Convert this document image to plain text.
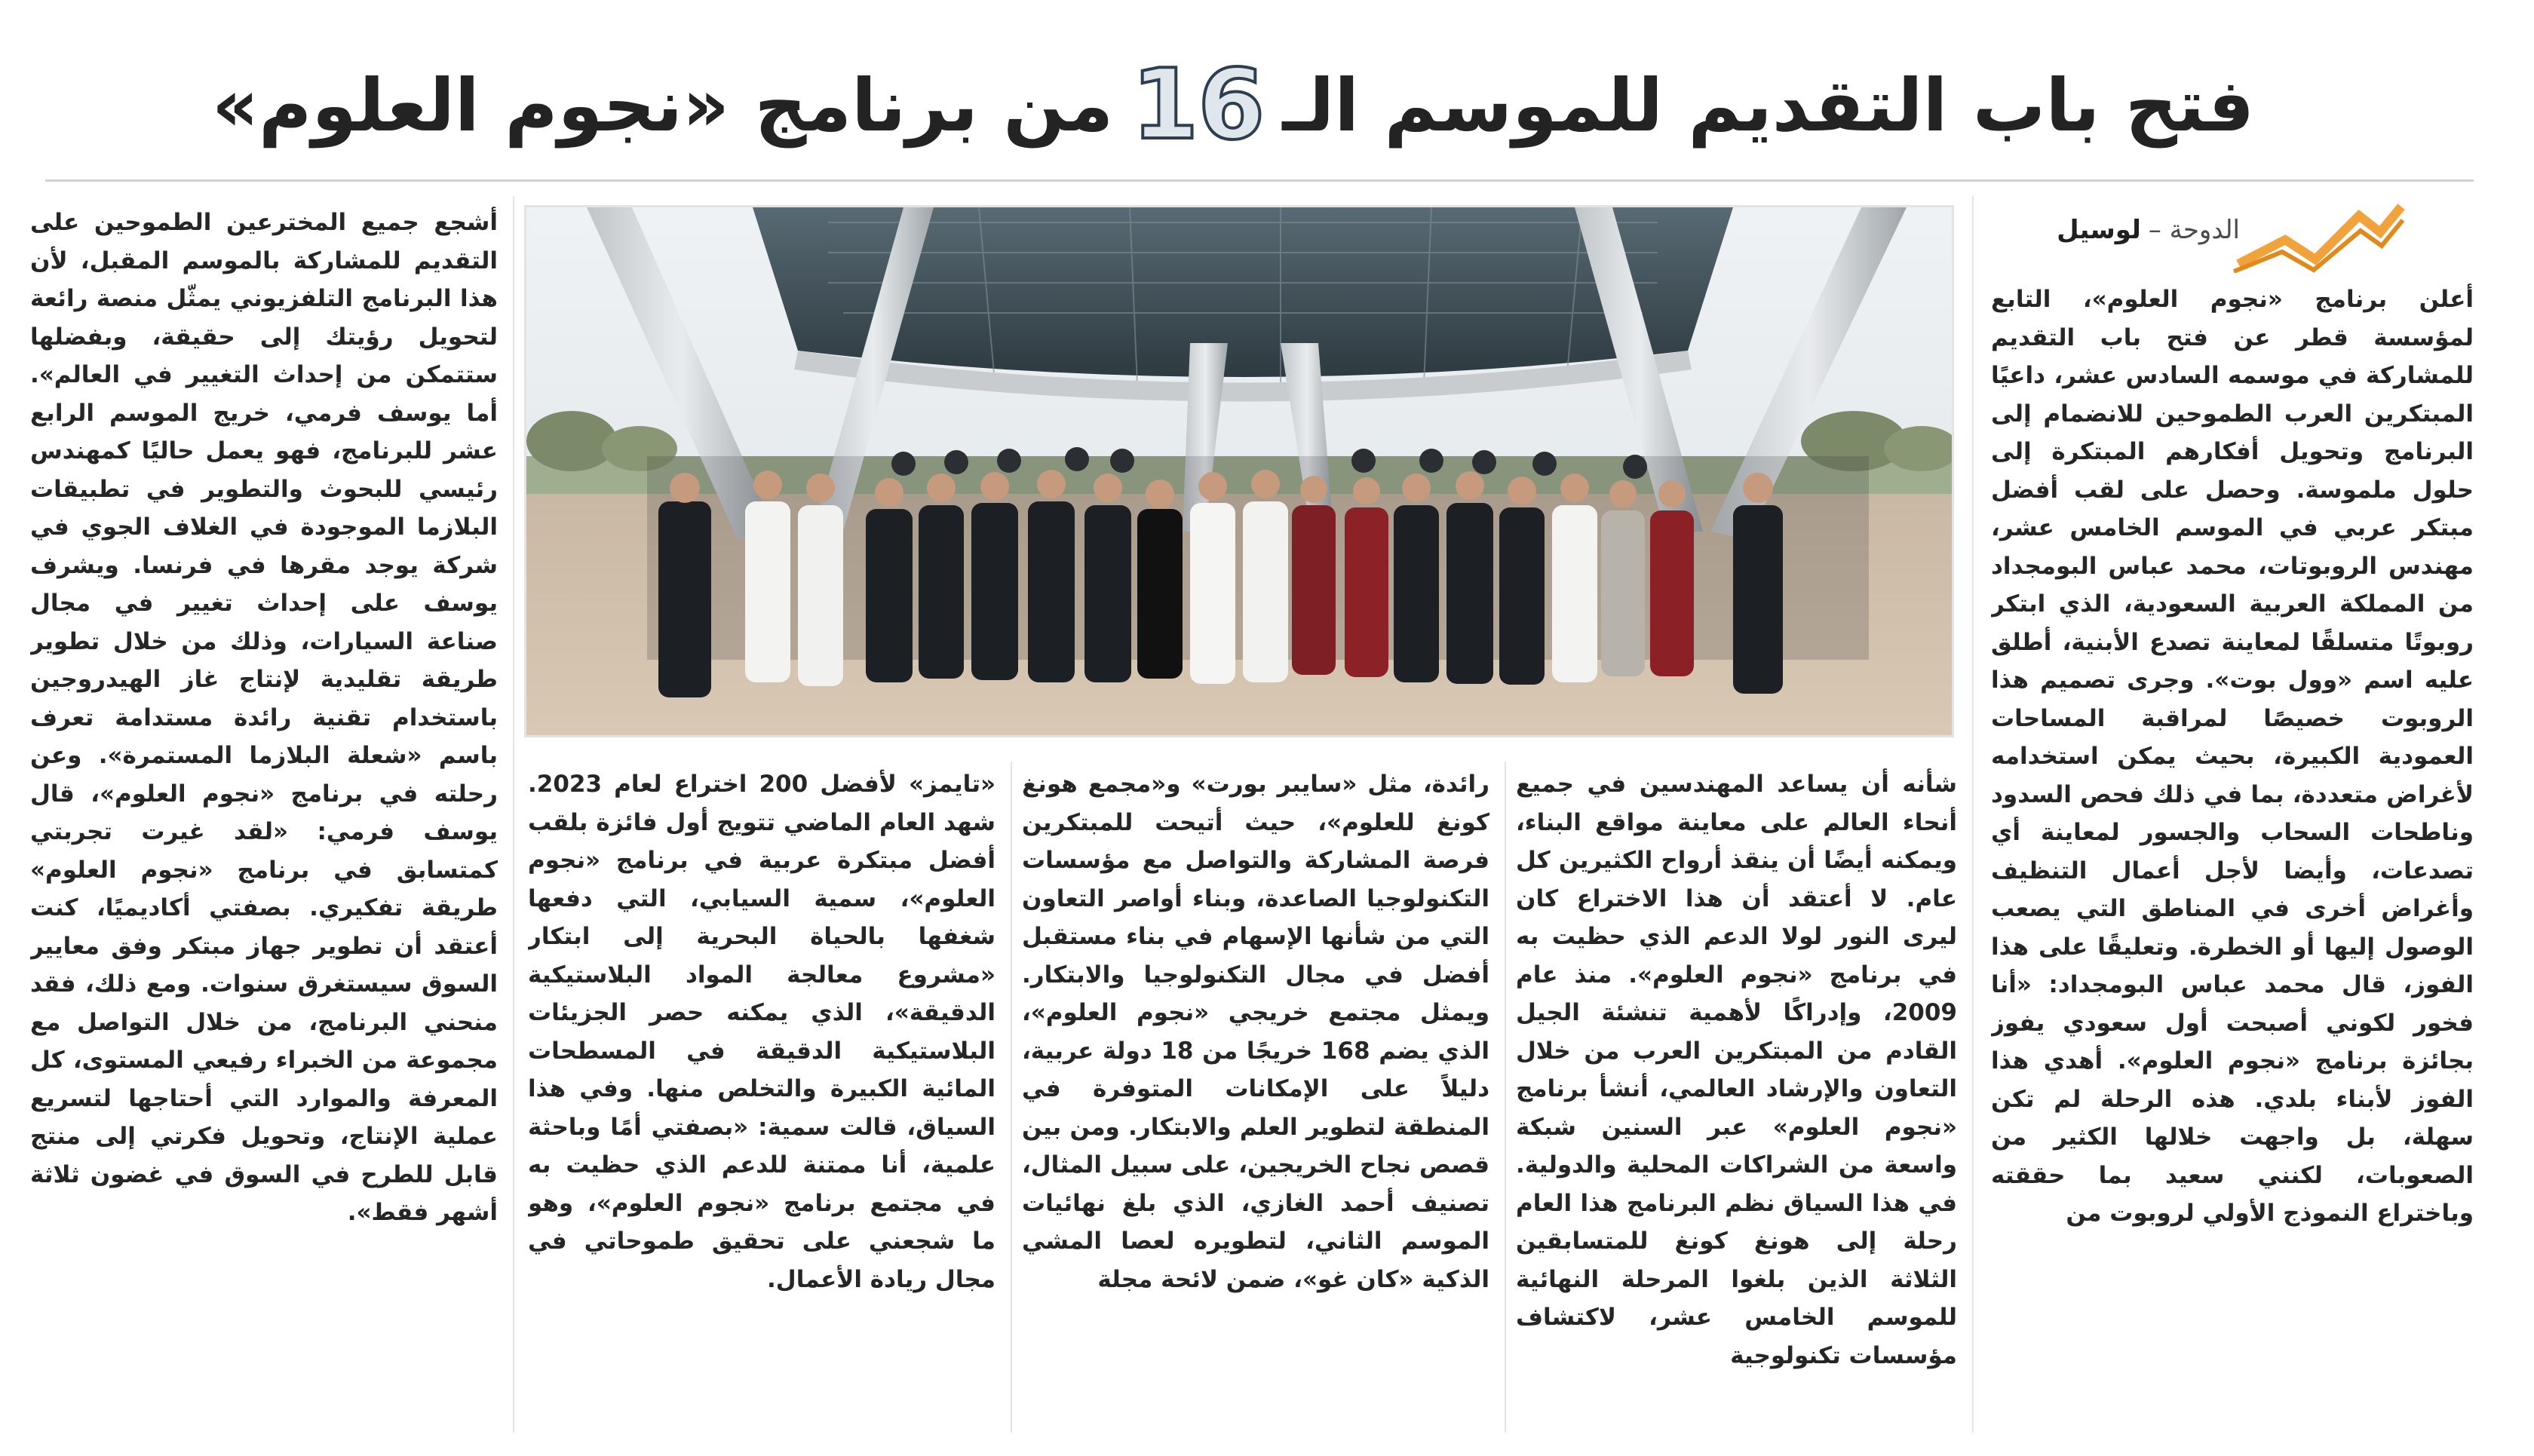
فتح باب التقديم للموسم الـ
16
من برنامج «نجوم العلوم»
الدوحة –لوسيل

أعلن برنامج «نجوم العلوم»، التابع لمؤسسة قطر عن فتح باب التقديم للمشاركة في موسمه السادس عشر، داعيًا المبتكرين العرب الطموحين للانضمام إلى البرنامج وتحويل أفكارهم المبتكرة إلى حلول ملموسة. وحصل على لقب أفضل مبتكر عربي في الموسم الخامس عشر، مهندس الروبوتات، محمد عباس البومجداد من المملكة العربية السعودية، الذي ابتكر روبوتًا متسلقًا لمعاينة تصدع الأبنية، أطلق عليه اسم «وول بوت». وجرى تصميم هذا الروبوت خصيصًا لمراقبة المساحات العمودية الكبيرة، بحيث يمكن استخدامه لأغراض متعددة، بما في ذلك فحص السدود وناطحات السحاب والجسور لمعاينة أي تصدعات، وأيضا لأجل أعمال التنظيف وأغراض أخرى في المناطق التي يصعب الوصول إليها أو الخطرة. وتعليقًا على هذا الفوز، قال محمد عباس البومجداد: «أنا فخور لكوني أصبحت أول سعودي يفوز بجائزة برنامج «نجوم العلوم». أهدي هذا الفوز لأبناء بلدي. هذه الرحلة لم تكن سهلة، بل واجهت خلالها الكثير من الصعوبات، لكنني سعيد بما حققته وباختراع النموذج الأولي لروبوت من

شأنه أن يساعد المهندسين في جميع أنحاء العالم على معاينة مواقع البناء، ويمكنه أيضًا أن ينقذ أرواح الكثيرين كل عام. لا أعتقد أن هذا الاختراع كان ليرى النور لولا الدعم الذي حظيت به في برنامج «نجوم العلوم». منذ عام 2009، وإدراكًا لأهمية تنشئة الجيل القادم من المبتكرين العرب من خلال التعاون والإرشاد العالمي، أنشأ برنامج «نجوم العلوم» عبر السنين شبكة واسعة من الشراكات المحلية والدولية. في هذا السياق نظم البرنامج هذا العام رحلة إلى هونغ كونغ للمتسابقين الثلاثة الذين بلغوا المرحلة النهائية للموسم الخامس عشر، لاكتشاف مؤسسات تكنولوجية

رائدة، مثل «سايبر بورت» و«مجمع هونغ كونغ للعلوم»، حيث أتيحت للمبتكرين فرصة المشاركة والتواصل مع مؤسسات التكنولوجيا الصاعدة، وبناء أواصر التعاون التي من شأنها الإسهام في بناء مستقبل أفضل في مجال التكنولوجيا والابتكار. ويمثل مجتمع خريجي «نجوم العلوم»، الذي يضم 168 خريجًا من 18 دولة عربية، دليلاً على الإمكانات المتوفرة في المنطقة لتطوير العلم والابتكار. ومن بين قصص نجاح الخريجين، على سبيل المثال، تصنيف أحمد الغازي، الذي بلغ نهائيات الموسم الثاني، لتطويره لعصا المشي الذكية «كان غو»، ضمن لائحة مجلة

«تايمز» لأفضل 200 اختراع لعام 2023. شهد العام الماضي تتويج أول فائزة بلقب أفضل مبتكرة عربية في برنامج «نجوم العلوم»، سمية السيابي، التي دفعها شغفها بالحياة البحرية إلى ابتكار «مشروع معالجة المواد البلاستيكية الدقيقة»، الذي يمكنه حصر الجزيئات البلاستيكية الدقيقة في المسطحات المائية الكبيرة والتخلص منها. وفي هذا السياق، قالت سمية: «بصفتي أمًا وباحثة علمية، أنا ممتنة للدعم الذي حظيت به في مجتمع برنامج «نجوم العلوم»، وهو ما شجعني على تحقيق طموحاتي في مجال ريادة الأعمال.

أشجع جميع المخترعين الطموحين على التقديم للمشاركة بالموسم المقبل، لأن هذا البرنامج التلفزيوني يمثّل منصة رائعة لتحويل رؤيتك إلى حقيقة، وبفضلها ستتمكن من إحداث التغيير في العالم». أما يوسف فرمي، خريج الموسم الرابع عشر للبرنامج، فهو يعمل حاليًا كمهندس رئيسي للبحوث والتطوير في تطبيقات البلازما الموجودة في الغلاف الجوي في شركة يوجد مقرها في فرنسا. ويشرف يوسف على إحداث تغيير في مجال صناعة السيارات، وذلك من خلال تطوير طريقة تقليدية لإنتاج غاز الهيدروجين باستخدام تقنية رائدة مستدامة تعرف باسم «شعلة البلازما المستمرة». وعن رحلته في برنامج «نجوم العلوم»، قال يوسف فرمي: «لقد غيرت تجربتي كمتسابق في برنامج «نجوم العلوم» طريقة تفكيري. بصفتي أكاديميًا، كنت أعتقد أن تطوير جهاز مبتكر وفق معايير السوق سيستغرق سنوات. ومع ذلك، فقد منحني البرنامج، من خلال التواصل مع مجموعة من الخبراء رفيعي المستوى، كل المعرفة والموارد التي أحتاجها لتسريع عملية الإنتاج، وتحويل فكرتي إلى منتج قابل للطرح في السوق في غضون ثلاثة أشهر فقط».
